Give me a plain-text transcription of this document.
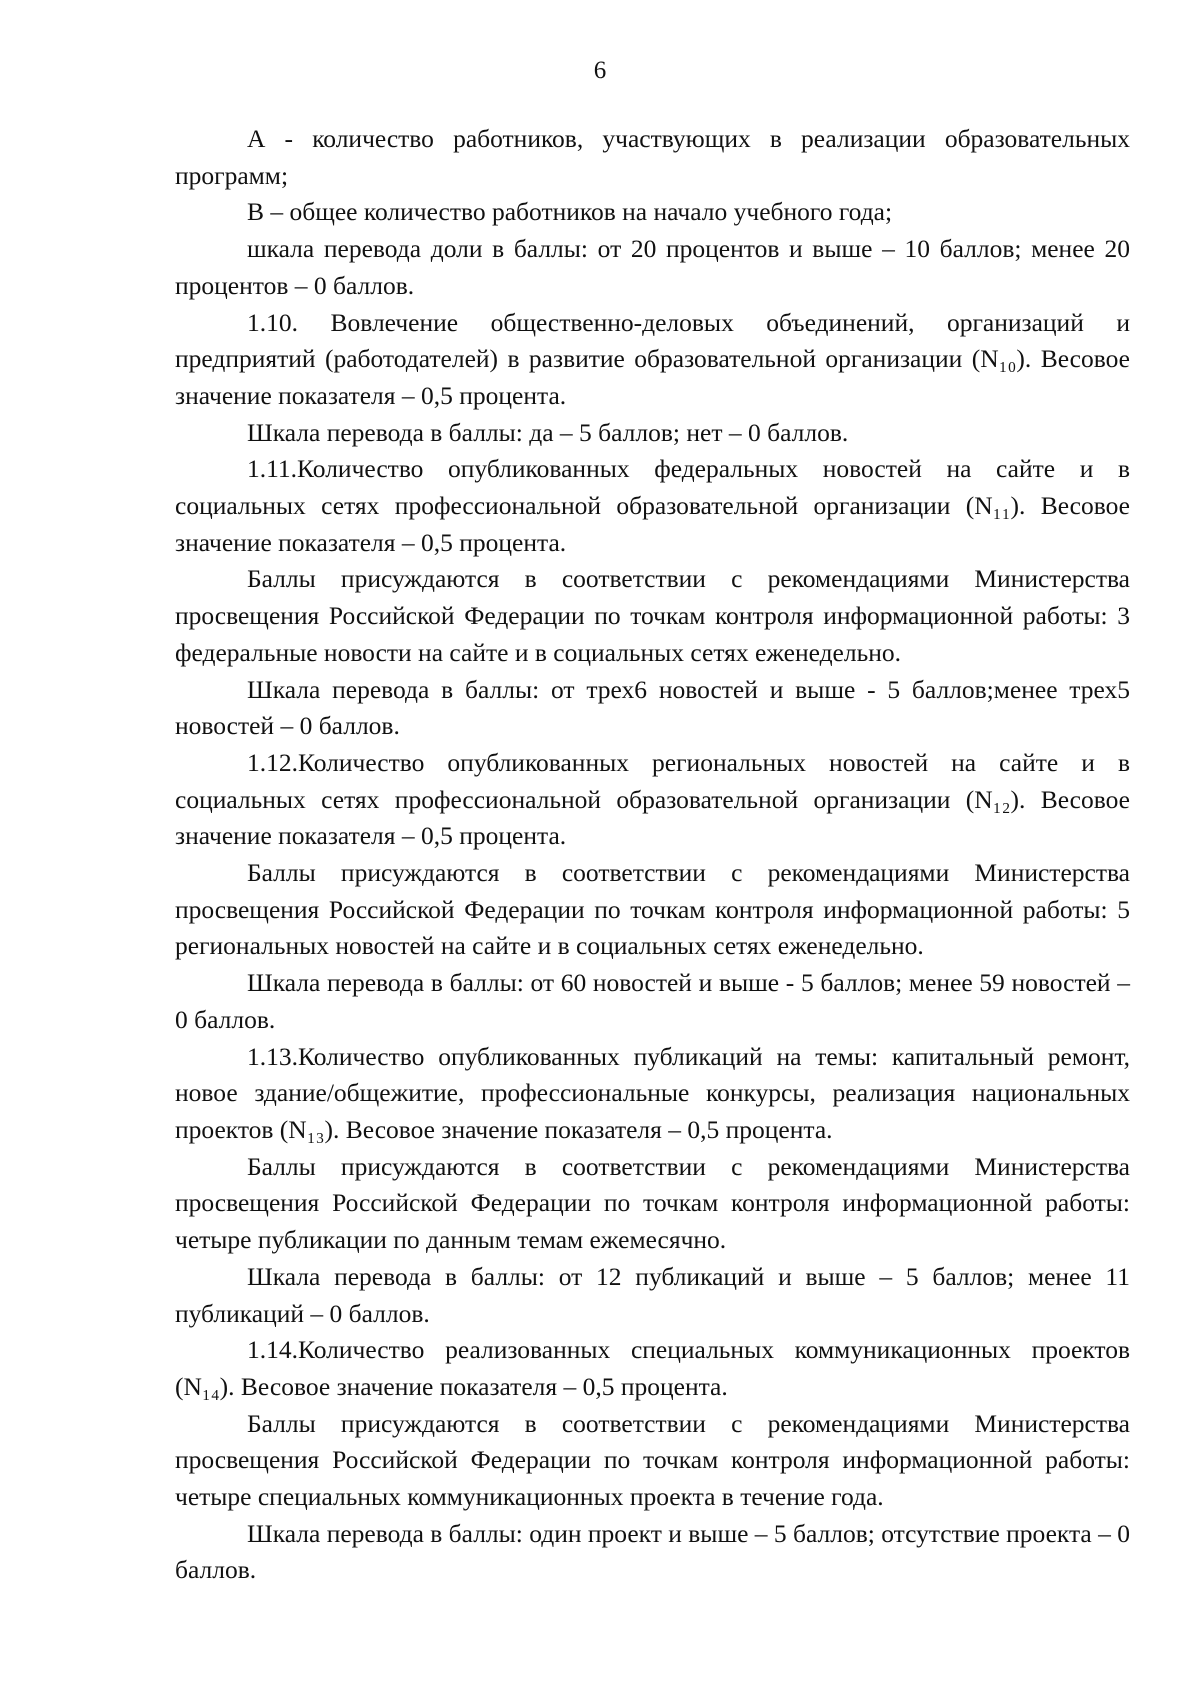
6

А - количество работников, участвующих в реализации образовательных программ;

В – общее количество работников на начало учебного года;

шкала перевода доли в баллы: от 20 процентов и выше – 10 баллов; менее 20 процентов – 0 баллов.

1.10. Вовлечение общественно-деловых объединений, организаций и предприятий (работодателей) в развитие образовательной организации (N₁₀). Весовое значение показателя – 0,5 процента.

Шкала перевода в баллы: да – 5 баллов; нет – 0 баллов.

1.11.Количество опубликованных федеральных новостей на сайте и в социальных сетях профессиональной образовательной организации (N₁₁). Весовое значение показателя – 0,5 процента.

Баллы присуждаются в соответствии с рекомендациями Министерства просвещения Российской Федерации по точкам контроля информационной работы: 3 федеральные новости на сайте и в социальных сетях еженедельно.

Шкала перевода в баллы: от трех6 новостей и выше - 5 баллов;менее трех5 новостей – 0 баллов.

1.12.Количество опубликованных региональных новостей на сайте и в социальных сетях профессиональной образовательной организации (N₁₂). Весовое значение показателя – 0,5 процента.

Баллы присуждаются в соответствии с рекомендациями Министерства просвещения Российской Федерации по точкам контроля информационной работы: 5 региональных новостей на сайте и в социальных сетях еженедельно.

Шкала перевода в баллы: от 60 новостей и выше - 5 баллов; менее 59 новостей – 0 баллов.

1.13.Количество опубликованных публикаций на темы: капитальный ремонт, новое здание/общежитие, профессиональные конкурсы, реализация национальных проектов (N₁₃). Весовое значение показателя – 0,5 процента.

Баллы присуждаются в соответствии с рекомендациями Министерства просвещения Российской Федерации по точкам контроля информационной работы: четыре публикации по данным темам ежемесячно.

Шкала перевода в баллы: от 12 публикаций и выше – 5 баллов; менее 11 публикаций – 0 баллов.

1.14.Количество реализованных специальных коммуникационных проектов (N₁₄). Весовое значение показателя – 0,5 процента.

Баллы присуждаются в соответствии с рекомендациями Министерства просвещения Российской Федерации по точкам контроля информационной работы: четыре специальных коммуникационных проекта в течение года.

Шкала перевода в баллы: один проект и выше – 5 баллов; отсутствие проекта – 0 баллов.
